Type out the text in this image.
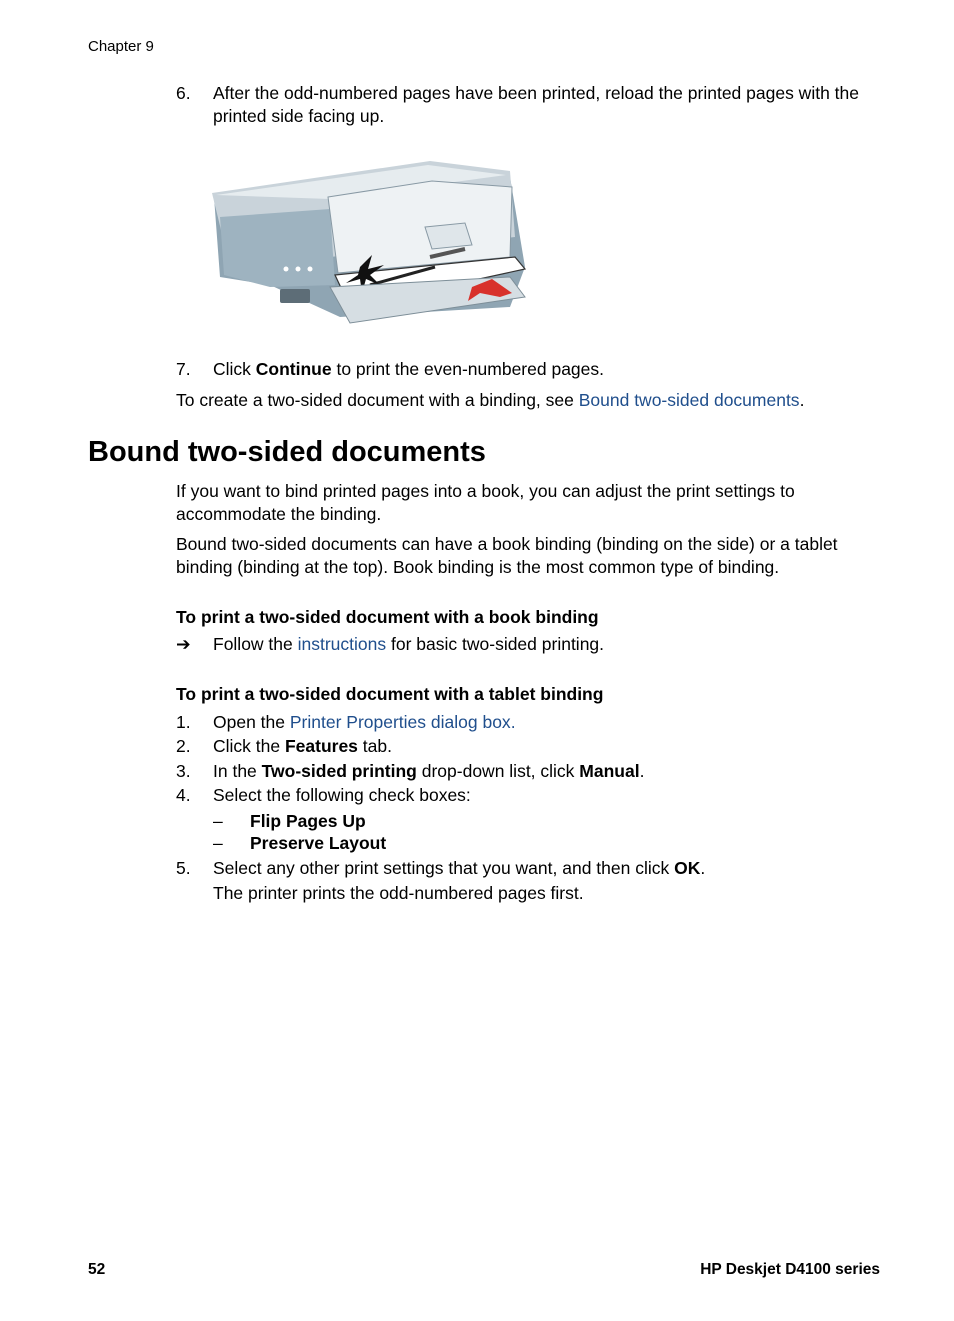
Chapter 9
6. After the odd-numbered pages have been printed, reload the printed pages with the printed side facing up.
7. Click Continue to print the even-numbered pages.
To create a two-sided document with a binding, see Bound two-sided documents.
Bound two-sided documents
If you want to bind printed pages into a book, you can adjust the print settings to accommodate the binding.
Bound two-sided documents can have a book binding (binding on the side) or a tablet binding (binding at the top). Book binding is the most common type of binding.
To print a two-sided document with a book binding
➔ Follow the instructions for basic two-sided printing.
To print a two-sided document with a tablet binding
1. Open the Printer Properties dialog box.
2. Click the Features tab.
3. In the Two-sided printing drop-down list, click Manual.
4. Select the following check boxes:
– Flip Pages Up
– Preserve Layout
5. Select any other print settings that you want, and then click OK.
The printer prints the odd-numbered pages first.
52	HP Deskjet D4100 series
